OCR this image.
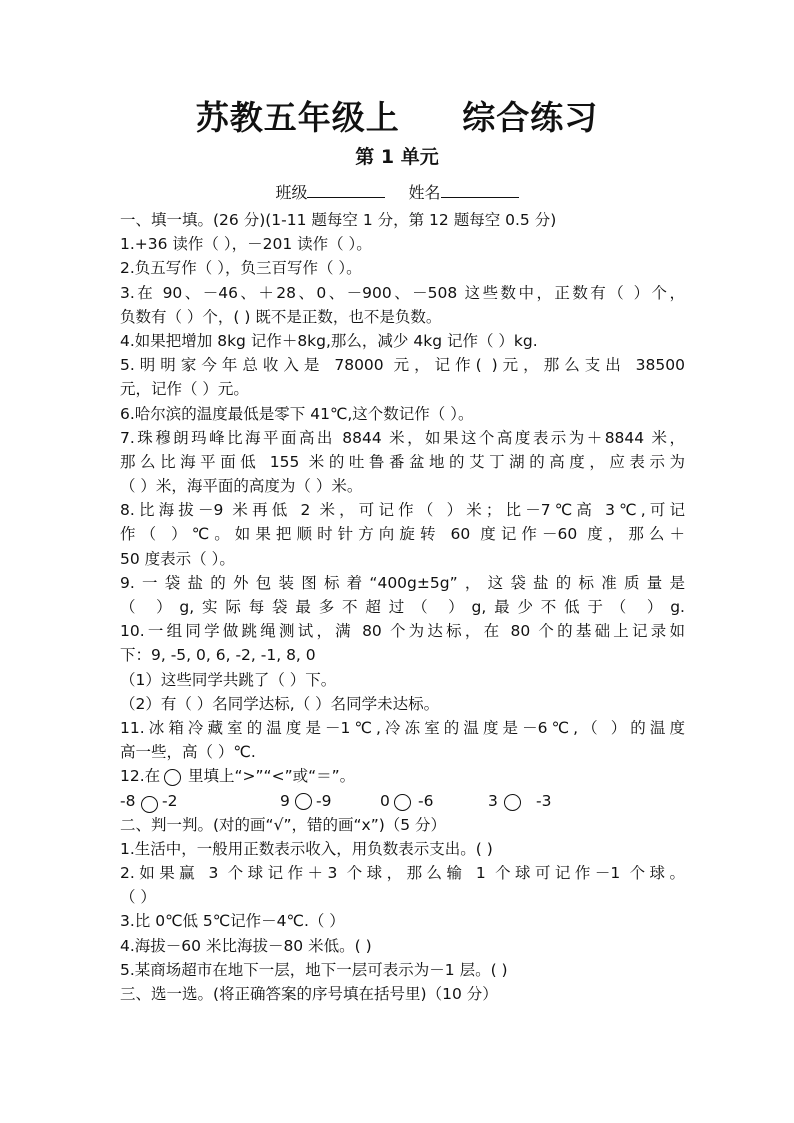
苏教五年级上     综合练习
第 1 单元
班级	姓名
一、填一填。(26 分)(1-11 题每空 1 分，第 12 题每空 0.5 分)
1.+36 读作（ ），－201 读作（ ）。
2.负五写作（ ），负三百写作（ ）。
3.在 90、－46、＋28、0、－900、－508 这些数中，正数有（ ）个，
负数有（ ）个，( ) 既不是正数，也不是负数。
4.如果把增加 8kg 记作＋8kg,那么，减少 4kg 记作（ ）kg.
5.明明家今年总收入是 78000 元，记作( )元，那么支出 38500
元，记作（ ）元。
6.哈尔滨的温度最低是零下 41℃,这个数记作（ ）。
7.珠穆朗玛峰比海平面高出 8844 米，如果这个高度表示为＋8844 米，
那么比海平面低 155 米的吐鲁番盆地的艾丁湖的高度，应表示为
（ ）米，海平面的高度为（ ）米。
8.比海拔－9 米再低 2 米，可记作（ ）米；比－7℃高 3℃,可记
作（ ）℃。如果把顺时针方向旋转 60 度记作－60 度，那么＋
50 度表示（ ）。
9.一袋盐的外包装图标着“400g±5g”，这袋盐的标准质量是
（ ）g,实际每袋最多不超过（ ）g,最少不低于（ ）g.
10.一组同学做跳绳测试，满 80 个为达标，在 80 个的基础上记录如
下：9, -5, 0, 6, -2, -1, 8, 0
（1）这些同学共跳了（ ）下。
（2）有（ ）名同学达标,（ ）名同学未达标。
11.冰箱冷藏室的温度是－1℃,冷冻室的温度是－6℃,（ ）的温度
高一些，高（ ）℃.
12.在 里填上“>”“<”或“＝”。
-8 -2	9 -9	0 -6	3 -3
二、判一判。(对的画“√”，错的画“x”)（5 分）
1.生活中，一般用正数表示收入，用负数表示支出。( )
2.如果赢 3 个球记作＋3 个球，那么输 1 个球可记作－1 个球。
（ ）
3.比 0℃低 5℃记作－4℃.（ ）
4.海拔－60 米比海拔－80 米低。( )
5.某商场超市在地下一层，地下一层可表示为－1 层。( )
三、选一选。(将正确答案的序号填在括号里)（10 分）
